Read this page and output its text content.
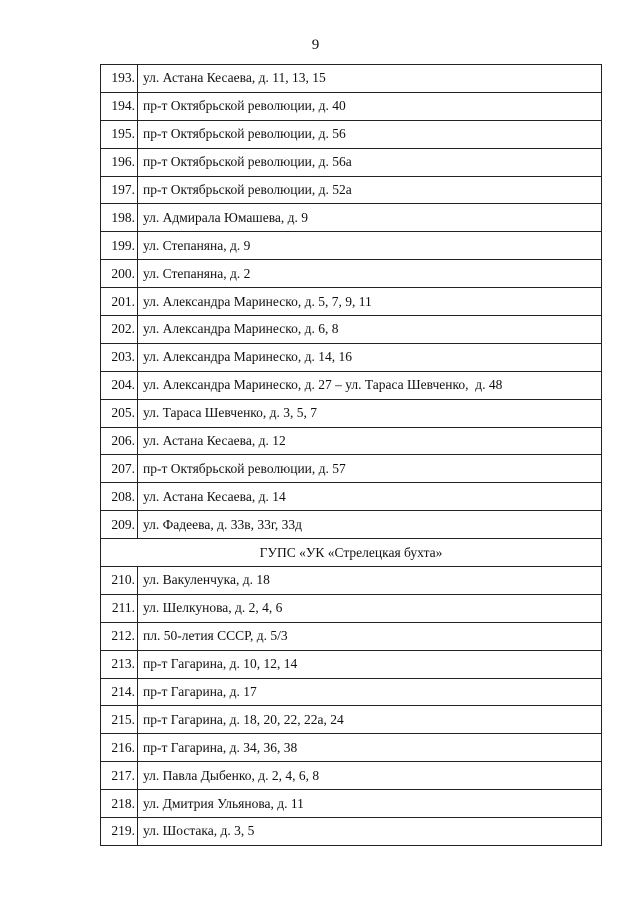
9
193.	ул. Астана Кесаева, д. 11, 13, 15
194.	пр-т Октябрьской революции, д. 40
195.	пр-т Октябрьской революции, д. 56
196.	пр-т Октябрьской революции, д. 56а
197.	пр-т Октябрьской революции, д. 52а
198.	ул. Адмирала Юмашева, д. 9
199.	ул. Степаняна, д. 9
200.	ул. Степаняна, д. 2
201.	ул. Александра Маринеско, д. 5, 7, 9, 11
202.	ул. Александра Маринеско, д. 6, 8
203.	ул. Александра Маринеско, д. 14, 16
204.	ул. Александра Маринеско, д. 27 – ул. Тараса Шевченко,  д. 48
205.	ул. Тараса Шевченко, д. 3, 5, 7
206.	ул. Астана Кесаева, д. 12
207.	пр-т Октябрьской революции, д. 57
208.	ул. Астана Кесаева, д. 14
209.	ул. Фадеева, д. 33в, 33г, 33д
ГУПС «УК «Стрелецкая бухта»	
210.	ул. Вакуленчука, д. 18
211.	ул. Шелкунова, д. 2, 4, 6
212.	пл. 50-летия СССР, д. 5/3
213.	пр-т Гагарина, д. 10, 12, 14
214.	пр-т Гагарина, д. 17
215.	пр-т Гагарина, д. 18, 20, 22, 22а, 24
216.	пр-т Гагарина, д. 34, 36, 38
217.	ул. Павла Дыбенко, д. 2, 4, 6, 8
218.	ул. Дмитрия Ульянова, д. 11
219.	ул. Шостака, д. 3, 5
